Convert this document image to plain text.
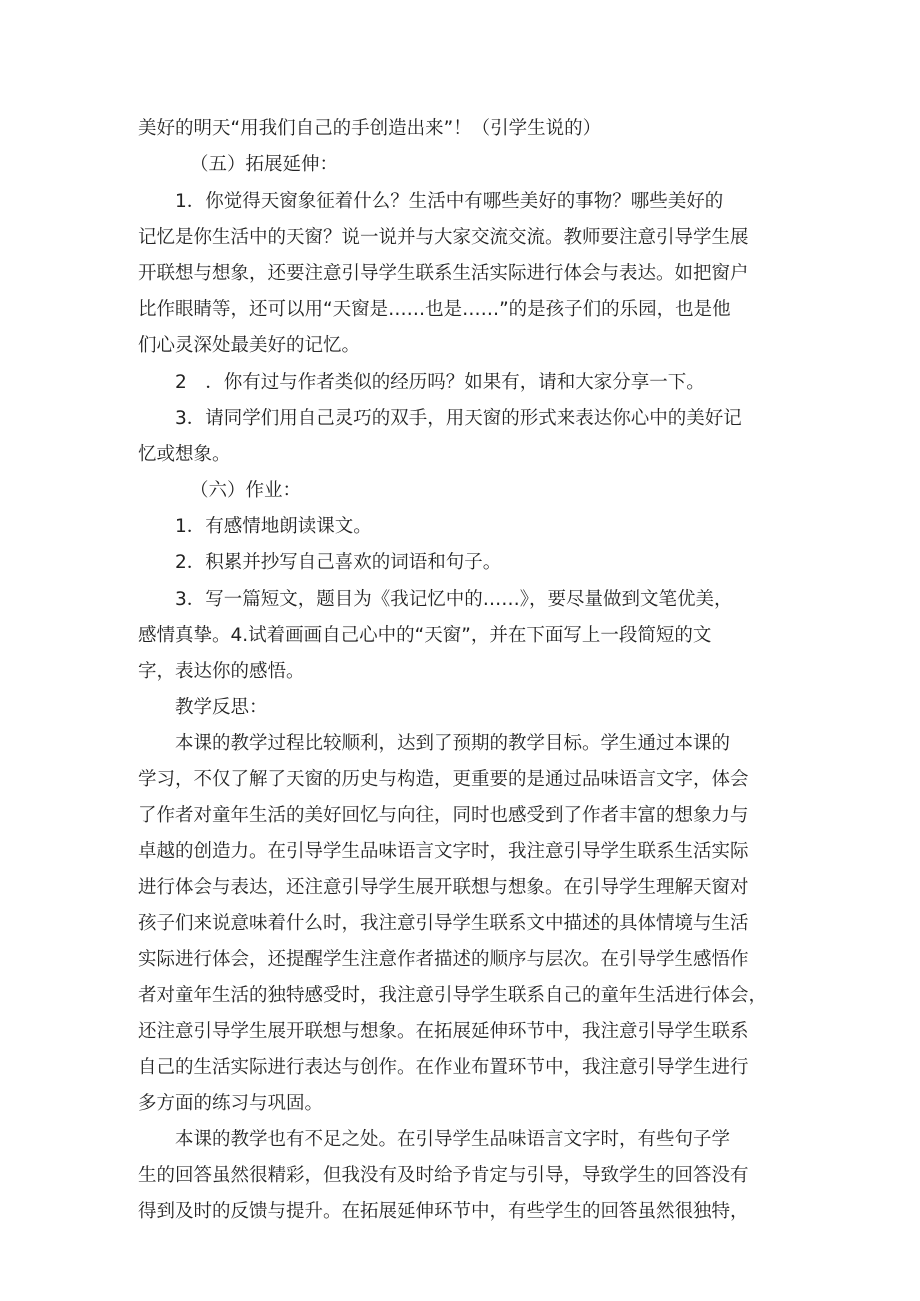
美好的明天“用我们自己的手创造出来”！（引学生说的）
（五）拓展延伸：
1．你觉得天窗象征着什么？生活中有哪些美好的事物？哪些美好的
记忆是你生活中的天窗？说一说并与大家交流交流。教师要注意引导学生展
开联想与想象，还要注意引导学生联系生活实际进行体会与表达。如把窗户
比作眼睛等，还可以用“天窗是……也是……”的是孩子们的乐园，也是他
们心灵深处最美好的记忆。
2　．你有过与作者类似的经历吗？如果有，请和大家分享一下。
3．请同学们用自己灵巧的双手，用天窗的形式来表达你心中的美好记
忆或想象。
（六）作业：
1．有感情地朗读课文。
2．积累并抄写自己喜欢的词语和句子。
3．写一篇短文，题目为《我记忆中的……》，要尽量做到文笔优美，
感情真挚。4.试着画画自己心中的“天窗”，并在下面写上一段简短的文
字，表达你的感悟。
教学反思：
本课的教学过程比较顺利，达到了预期的教学目标。学生通过本课的
学习，不仅了解了天窗的历史与构造，更重要的是通过品味语言文字，体会
了作者对童年生活的美好回忆与向往，同时也感受到了作者丰富的想象力与
卓越的创造力。在引导学生品味语言文字时，我注意引导学生联系生活实际
进行体会与表达，还注意引导学生展开联想与想象。在引导学生理解天窗对
孩子们来说意味着什么时，我注意引导学生联系文中描述的具体情境与生活
实际进行体会，还提醒学生注意作者描述的顺序与层次。在引导学生感悟作
者对童年生活的独特感受时，我注意引导学生联系自己的童年生活进行体会，
还注意引导学生展开联想与想象。在拓展延伸环节中，我注意引导学生联系
自己的生活实际进行表达与创作。在作业布置环节中，我注意引导学生进行
多方面的练习与巩固。
本课的教学也有不足之处。在引导学生品味语言文字时，有些句子学
生的回答虽然很精彩，但我没有及时给予肯定与引导，导致学生的回答没有
得到及时的反馈与提升。在拓展延伸环节中，有些学生的回答虽然很独特，
